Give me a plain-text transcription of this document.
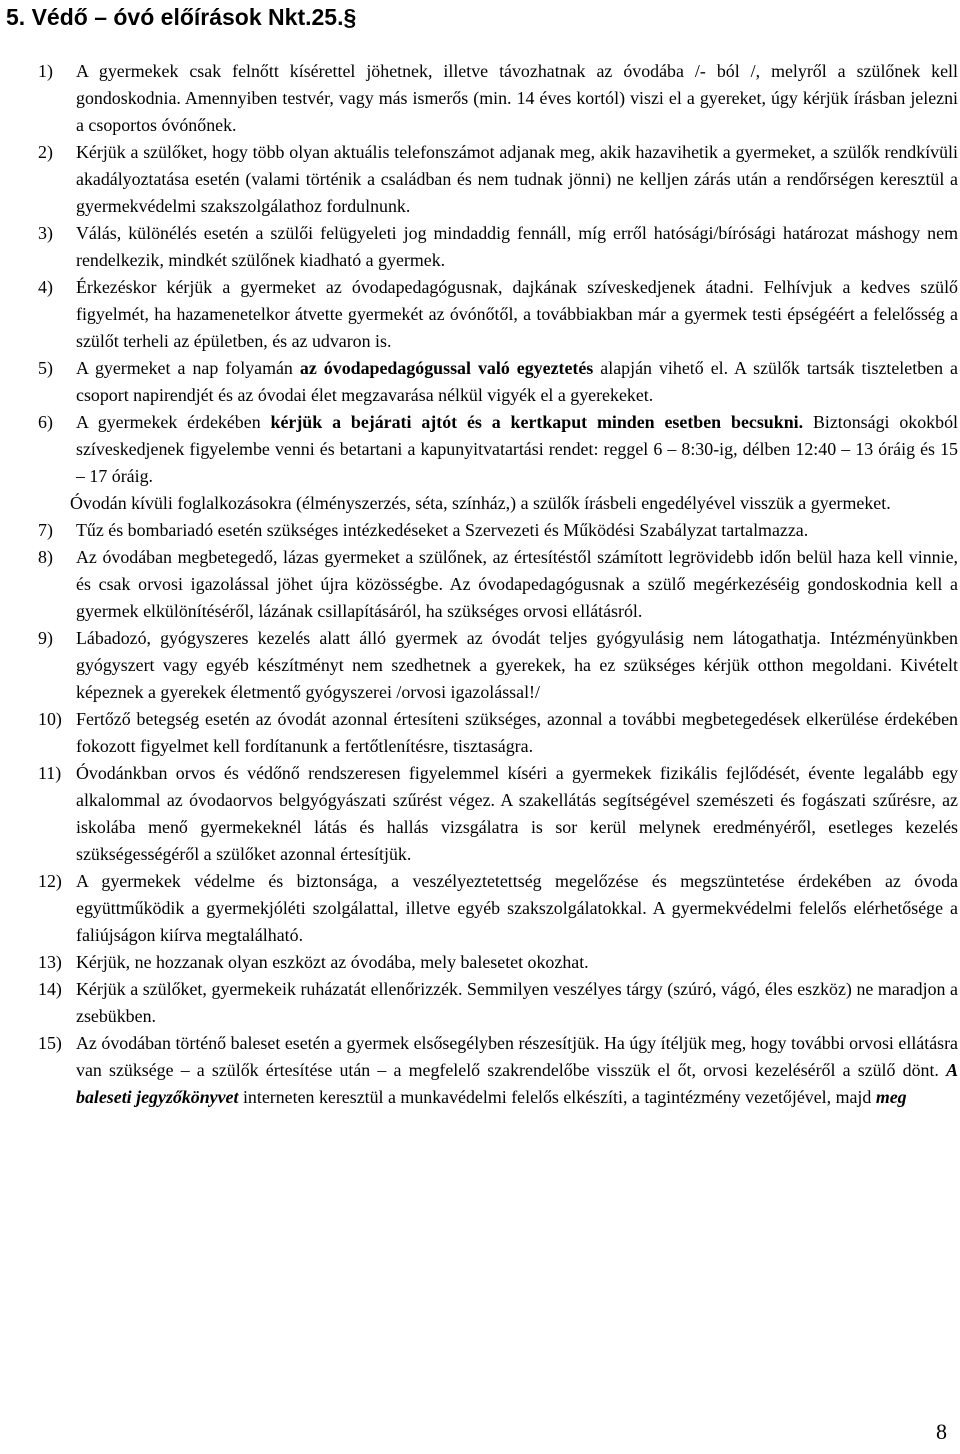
5. Védő – óvó előírások Nkt.25.§
1) A gyermekek csak felnőtt kísérettel jöhetnek, illetve távozhatnak az óvodába /- ból /, melyről a szülőnek kell gondoskodnia. Amennyiben testvér, vagy más ismerős (min. 14 éves kortól) viszi el a gyereket, úgy kérjük írásban jelezni a csoportos óvónőnek.

2) Kérjük a szülőket, hogy több olyan aktuális telefonszámot adjanak meg, akik hazavihetik a gyermeket, a szülők rendkívüli akadályoztatása esetén (valami történik a családban és nem tudnak jönni) ne kelljen zárás után a rendőrségen keresztül a gyermekvédelmi szakszolgálathoz fordulnunk.

3) Válás, különélés esetén a szülői felügyeleti jog mindaddig fennáll, míg erről hatósági/bírósági határozat máshogy nem rendelkezik, mindkét szülőnek kiadható a gyermek.

4) Érkezéskor kérjük a gyermeket az óvodapedagógusnak, dajkának szíveskedjenek átadni. Felhívjuk a kedves szülő figyelmét, ha hazamenetelkor átvette gyermekét az óvónőtől, a továbbiakban már a gyermek testi épségéért a felelősség a szülőt terheli az épületben, és az udvaron is.

5) A gyermeket a nap folyamán az óvodapedagógussal való egyeztetés alapján vihető el. A szülők tartsák tiszteletben a csoport napirendjét és az óvodai élet megzavarása nélkül vigyék el a gyerekeket.

6) A gyermekek érdekében kérjük a bejárati ajtót és a kertkaput minden esetben becsukni. Biztonsági okokból szíveskedjenek figyelembe venni és betartani a kapunyitvatartási rendet: reggel 6 – 8:30-ig, délben 12:40 – 13 óráig és 15 – 17 óráig.

Óvodán kívüli foglalkozásokra (élményszerzés, séta, színház,) a szülők írásbeli engedélyével visszük a gyermeket.

7) Tűz és bombariadó esetén szükséges intézkedéseket a Szervezeti és Működési Szabályzat tartalmazza.

8) Az óvodában megbetegedő, lázas gyermeket a szülőnek, az értesítéstől számított legrövidebb időn belül haza kell vinnie, és csak orvosi igazolással jöhet újra közösségbe. Az óvodapedagógusnak a szülő megérkezéséig gondoskodnia kell a gyermek elkülönítéséről, lázának csillapításáról, ha szükséges orvosi ellátásról.

9) Lábadozó, gyógyszeres kezelés alatt álló gyermek az óvodát teljes gyógyulásig nem látogathatja. Intézményünkben gyógyszert vagy egyéb készítményt nem szedhetnek a gyerekek, ha ez szükséges kérjük otthon megoldani. Kivételt képeznek a gyerekek életmentő gyógyszerei /orvosi igazolással!/

10) Fertőző betegség esetén az óvodát azonnal értesíteni szükséges, azonnal a további megbetegedések elkerülése érdekében fokozott figyelmet kell fordítanunk a fertőtlenítésre, tisztaságra.

11) Óvodánkban orvos és védőnő rendszeresen figyelemmel kíséri a gyermekek fizikális fejlődését, évente legalább egy alkalommal az óvodaorvos belgyógyászati szűrést végez. A szakellátás segítségével szemészeti és fogászati szűrésre, az iskolába menő gyermekeknél látás és hallás vizsgálatra is sor kerül melynek eredményéről, esetleges kezelés szükségességéről a szülőket azonnal értesítjük.

12) A gyermekek védelme és biztonsága, a veszélyeztetettség megelőzése és megszüntetése érdekében az óvoda együttműködik a gyermekjóléti szolgálattal, illetve egyéb szakszolgálatokkal. A gyermekvédelmi felelős elérhetősége a faliújságon kiírva megtalálható.

13) Kérjük, ne hozzanak olyan eszközt az óvodába, mely balesetet okozhat.

14) Kérjük a szülőket, gyermekeik ruházatát ellenőrizzék. Semmilyen veszélyes tárgy (szúró, vágó, éles eszköz) ne maradjon a zsebükben.

15) Az óvodában történő baleset esetén a gyermek elsősegélyben részesítjük. Ha úgy ítéljük meg, hogy további orvosi ellátásra van szüksége – a szülők értesítése után – a megfelelő szakrendelőbe visszük el őt, orvosi kezeléséről a szülő dönt. A baleseti jegyzőkönyvet interneten keresztül a munkavédelmi felelős elkészíti, a tagintézmény vezetőjével, majd meg

8
